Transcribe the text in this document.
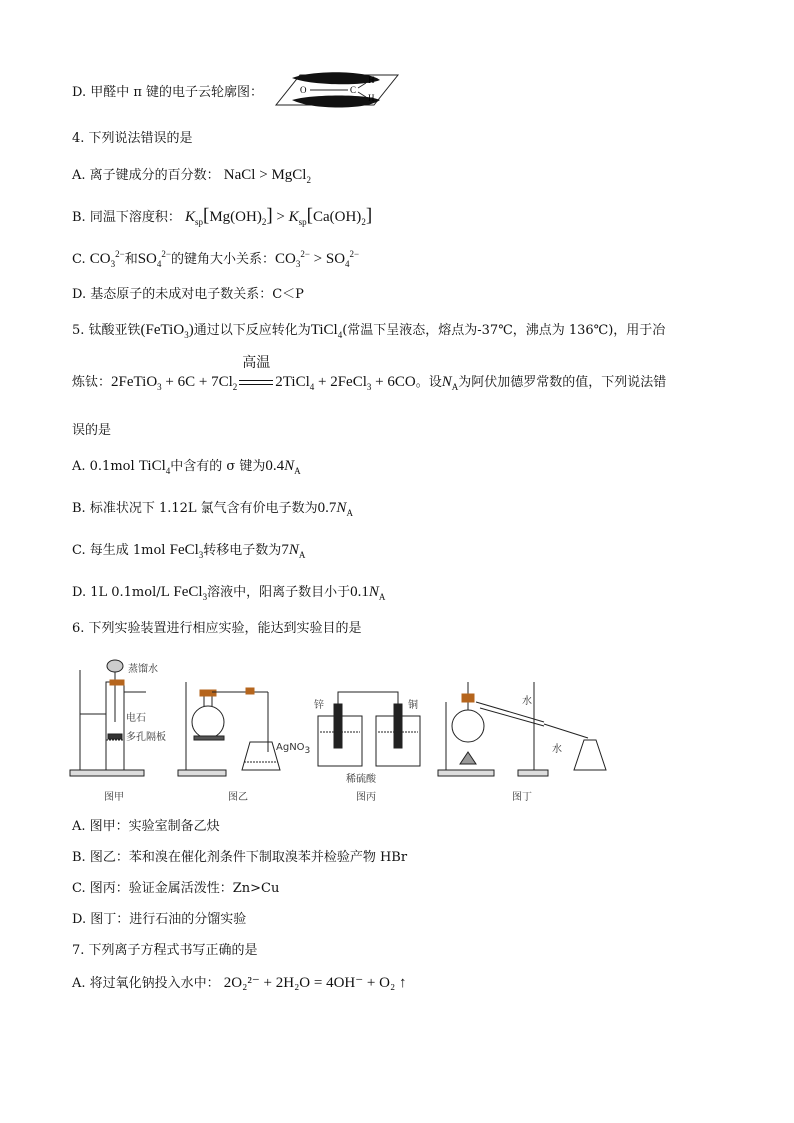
D. 甲醛中 π 键的电子云轮廓图：	O	C
H
H
4. 下列说法错误的是
A. 离子键成分的百分数： NaCl > MgCl$_2$
B. 同温下溶度积： $K_{sp}[Mg(OH)_2] > K_{sp}[Ca(OH)_2]$
C. $CO_3^{2-}$和$SO_4^{2-}$的键角大小关系：$CO_3^{2-} > SO_4^{2-}$
D. 基态原子的未成对电子数关系：C＜P
5. 钛酸亚铁(FeTiO$_3$)通过以下反应转化为TiCl$_4$(常温下呈液态，熔点为-37℃，沸点为 136℃)，用于冶
炼钛：2FeTiO$_3$ + $6C + 7Cl_2$
高温
2TiCl$_4$ + 2FeCl$_3$ + 6CO。设$N_A$为阿伏加德罗常数的值，下列说法错
误的是
A. 0.1mol TiCl$_4$中含有的 σ 键为$0.4N_A$
B. 标准状况下 1.12L 氯气含有价电子数为$0.7N_A$
C. 每生成 1mol FeCl$_3$转移电子数为$7N_A$
D. 1L 0.1mol/L FeCl$_3$溶液中，阳离子数目小于$0.1N_A$
6. 下列实验装置进行相应实验，能达到实验目的是
蒸馏水
电石
多孔隔板
AgNO$_3$
锌	铜
稀硫酸
水
水
图甲	图乙	图丙	图丁
A. 图甲：实验室制备乙炔
B. 图乙：苯和溴在催化剂条件下制取溴苯并检验产物 HBr
C. 图丙：验证金属活泼性：Zn>Cu
D. 图丁：进行石油的分馏实验
7. 下列离子方程式书写正确的是
A. 将过氧化钠投入水中： 2O₂²⁻ + 2H₂O = 4OH⁻ + O₂ ↑
